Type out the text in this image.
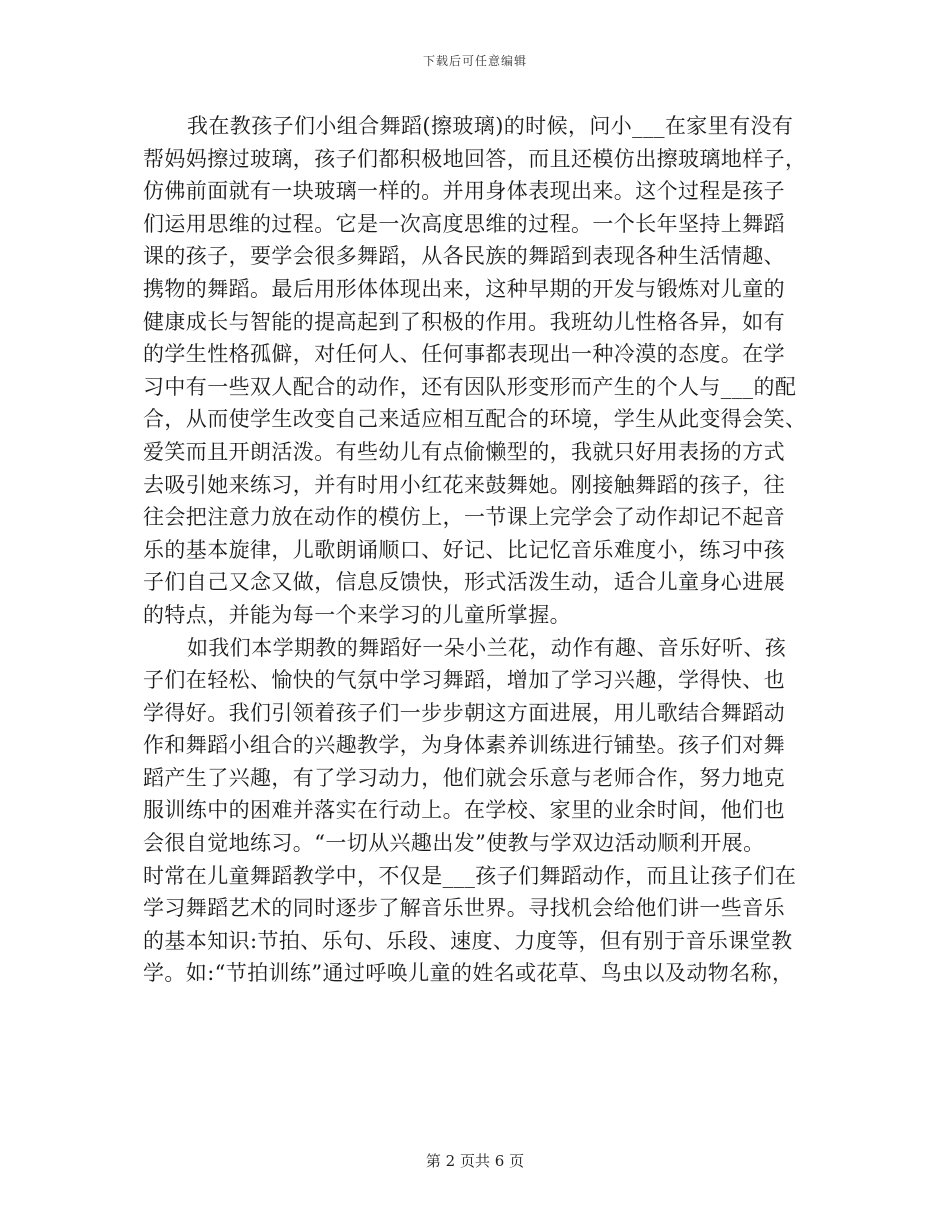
下载后可任意编辑
我在教孩子们小组合舞蹈(擦玻璃)的时候，问小___在家里有没有
帮妈妈擦过玻璃，孩子们都积极地回答，而且还模仿出擦玻璃地样子，
仿佛前面就有一块玻璃一样的。并用身体表现出来。这个过程是孩子
们运用思维的过程。它是一次高度思维的过程。一个长年坚持上舞蹈
课的孩子，要学会很多舞蹈，从各民族的舞蹈到表现各种生活情趣、
携物的舞蹈。最后用形体体现出来，这种早期的开发与锻炼对儿童的
健康成长与智能的提高起到了积极的作用。我班幼儿性格各异，如有
的学生性格孤僻，对任何人、任何事都表现出一种冷漠的态度。在学
习中有一些双人配合的动作，还有因队形变形而产生的个人与___的配
合，从而使学生改变自己来适应相互配合的环境，学生从此变得会笑、
爱笑而且开朗活泼。有些幼儿有点偷懒型的，我就只好用表扬的方式
去吸引她来练习，并有时用小红花来鼓舞她。刚接触舞蹈的孩子，往
往会把注意力放在动作的模仿上，一节课上完学会了动作却记不起音
乐的基本旋律，儿歌朗诵顺口、好记、比记忆音乐难度小，练习中孩
子们自己又念又做，信息反馈快，形式活泼生动，适合儿童身心进展
的特点，并能为每一个来学习的儿童所掌握。
如我们本学期教的舞蹈好一朵小兰花，动作有趣、音乐好听、孩
子们在轻松、愉快的气氛中学习舞蹈，增加了学习兴趣，学得快、也
学得好。我们引领着孩子们一步步朝这方面进展，用儿歌结合舞蹈动
作和舞蹈小组合的兴趣教学，为身体素养训练进行铺垫。孩子们对舞
蹈产生了兴趣，有了学习动力，他们就会乐意与老师合作，努力地克
服训练中的困难并落实在行动上。在学校、家里的业余时间，他们也
会很自觉地练习。“一切从兴趣出发”使教与学双边活动顺利开展。
时常在儿童舞蹈教学中，不仅是___孩子们舞蹈动作，而且让孩子们在
学习舞蹈艺术的同时逐步了解音乐世界。寻找机会给他们讲一些音乐
的基本知识:节拍、乐句、乐段、速度、力度等，但有别于音乐课堂教
学。如:“节拍训练”通过呼唤儿童的姓名或花草、鸟虫以及动物名称，
第 2 页共 6 页
